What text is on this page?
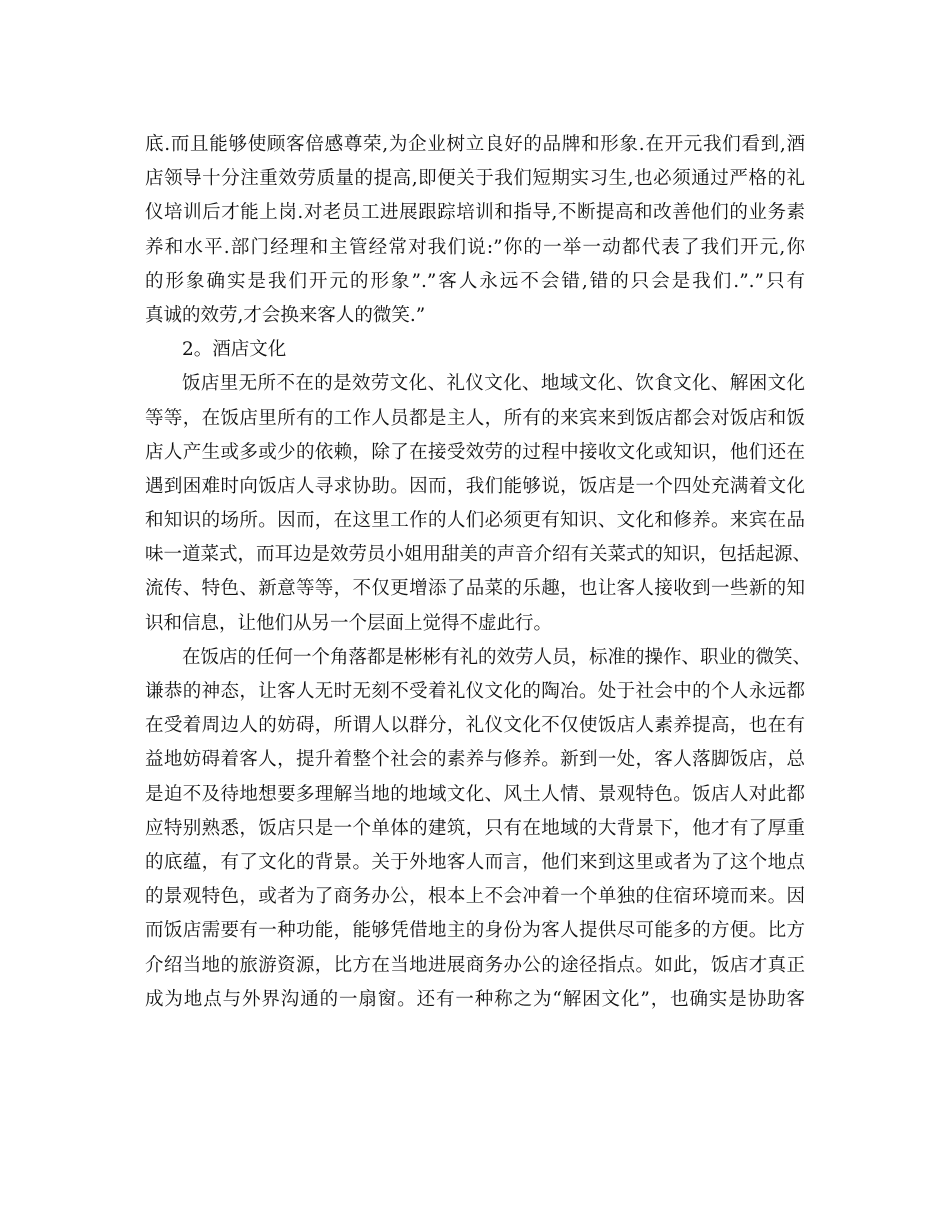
底.而且能够使顾客倍感尊荣,为企业树立良好的品牌和形象.在开元我们看到,酒
店领导十分注重效劳质量的提高,即便关于我们短期实习生,也必须通过严格的礼
仪培训后才能上岗.对老员工进展跟踪培训和指导,不断提高和改善他们的业务素
养和水平.部门经理和主管经常对我们说:”你的一举一动都代表了我们开元,你
的形象确实是我们开元的形象”.”客人永远不会错,错的只会是我们.”.”只有
真诚的效劳,才会换来客人的微笑.”
2。酒店文化
饭店里无所不在的是效劳文化、礼仪文化、地域文化、饮食文化、解困文化
等等，在饭店里所有的工作人员都是主人，所有的来宾来到饭店都会对饭店和饭
店人产生或多或少的依赖，除了在接受效劳的过程中接收文化或知识，他们还在
遇到困难时向饭店人寻求协助。因而，我们能够说，饭店是一个四处充满着文化
和知识的场所。因而，在这里工作的人们必须更有知识、文化和修养。来宾在品
味一道菜式，而耳边是效劳员小姐用甜美的声音介绍有关菜式的知识，包括起源、
流传、特色、新意等等，不仅更增添了品菜的乐趣，也让客人接收到一些新的知
识和信息，让他们从另一个层面上觉得不虚此行。
在饭店的任何一个角落都是彬彬有礼的效劳人员，标准的操作、职业的微笑、
谦恭的神态，让客人无时无刻不受着礼仪文化的陶冶。处于社会中的个人永远都
在受着周边人的妨碍，所谓人以群分，礼仪文化不仅使饭店人素养提高，也在有
益地妨碍着客人，提升着整个社会的素养与修养。新到一处，客人落脚饭店，总
是迫不及待地想要多理解当地的地域文化、风土人情、景观特色。饭店人对此都
应特别熟悉，饭店只是一个单体的建筑，只有在地域的大背景下，他才有了厚重
的底蕴，有了文化的背景。关于外地客人而言，他们来到这里或者为了这个地点
的景观特色，或者为了商务办公，根本上不会冲着一个单独的住宿环境而来。因
而饭店需要有一种功能，能够凭借地主的身份为客人提供尽可能多的方便。比方
介绍当地的旅游资源，比方在当地进展商务办公的途径指点。如此，饭店才真正
成为地点与外界沟通的一扇窗。还有一种称之为“解困文化”，也确实是协助客
